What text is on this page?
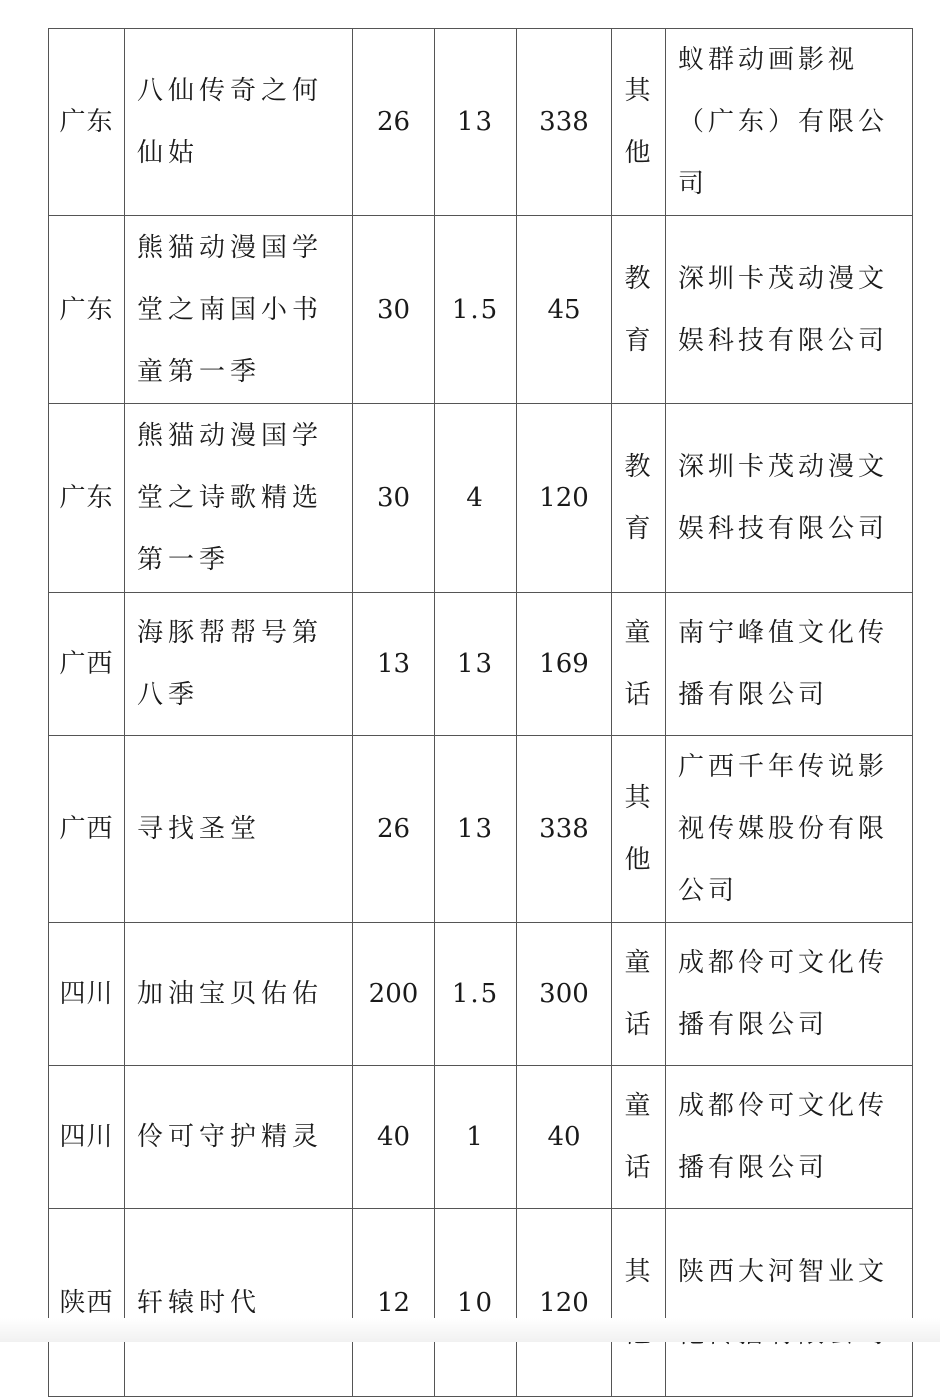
广东	八仙传奇之何仙姑	26	13	338	其他	蚁群动画影视（广东）有限公司
广东	熊猫动漫国学堂之南国小书童第一季	30	1.5	45	教育	深圳卡茂动漫文娱科技有限公司
广东	熊猫动漫国学堂之诗歌精选第一季	30	4	120	教育	深圳卡茂动漫文娱科技有限公司
广西	海豚帮帮号第八季	13	13	169	童话	南宁峰值文化传播有限公司
广西	寻找圣堂	26	13	338	其他	广西千年传说影视传媒股份有限公司
四川	加油宝贝佑佑	200	1.5	300	童话	成都伶可文化传播有限公司
四川	伶可守护精灵	40	1	40	童话	成都伶可文化传播有限公司
陕西	轩辕时代	12	10	120	其	陕西大河智业文
